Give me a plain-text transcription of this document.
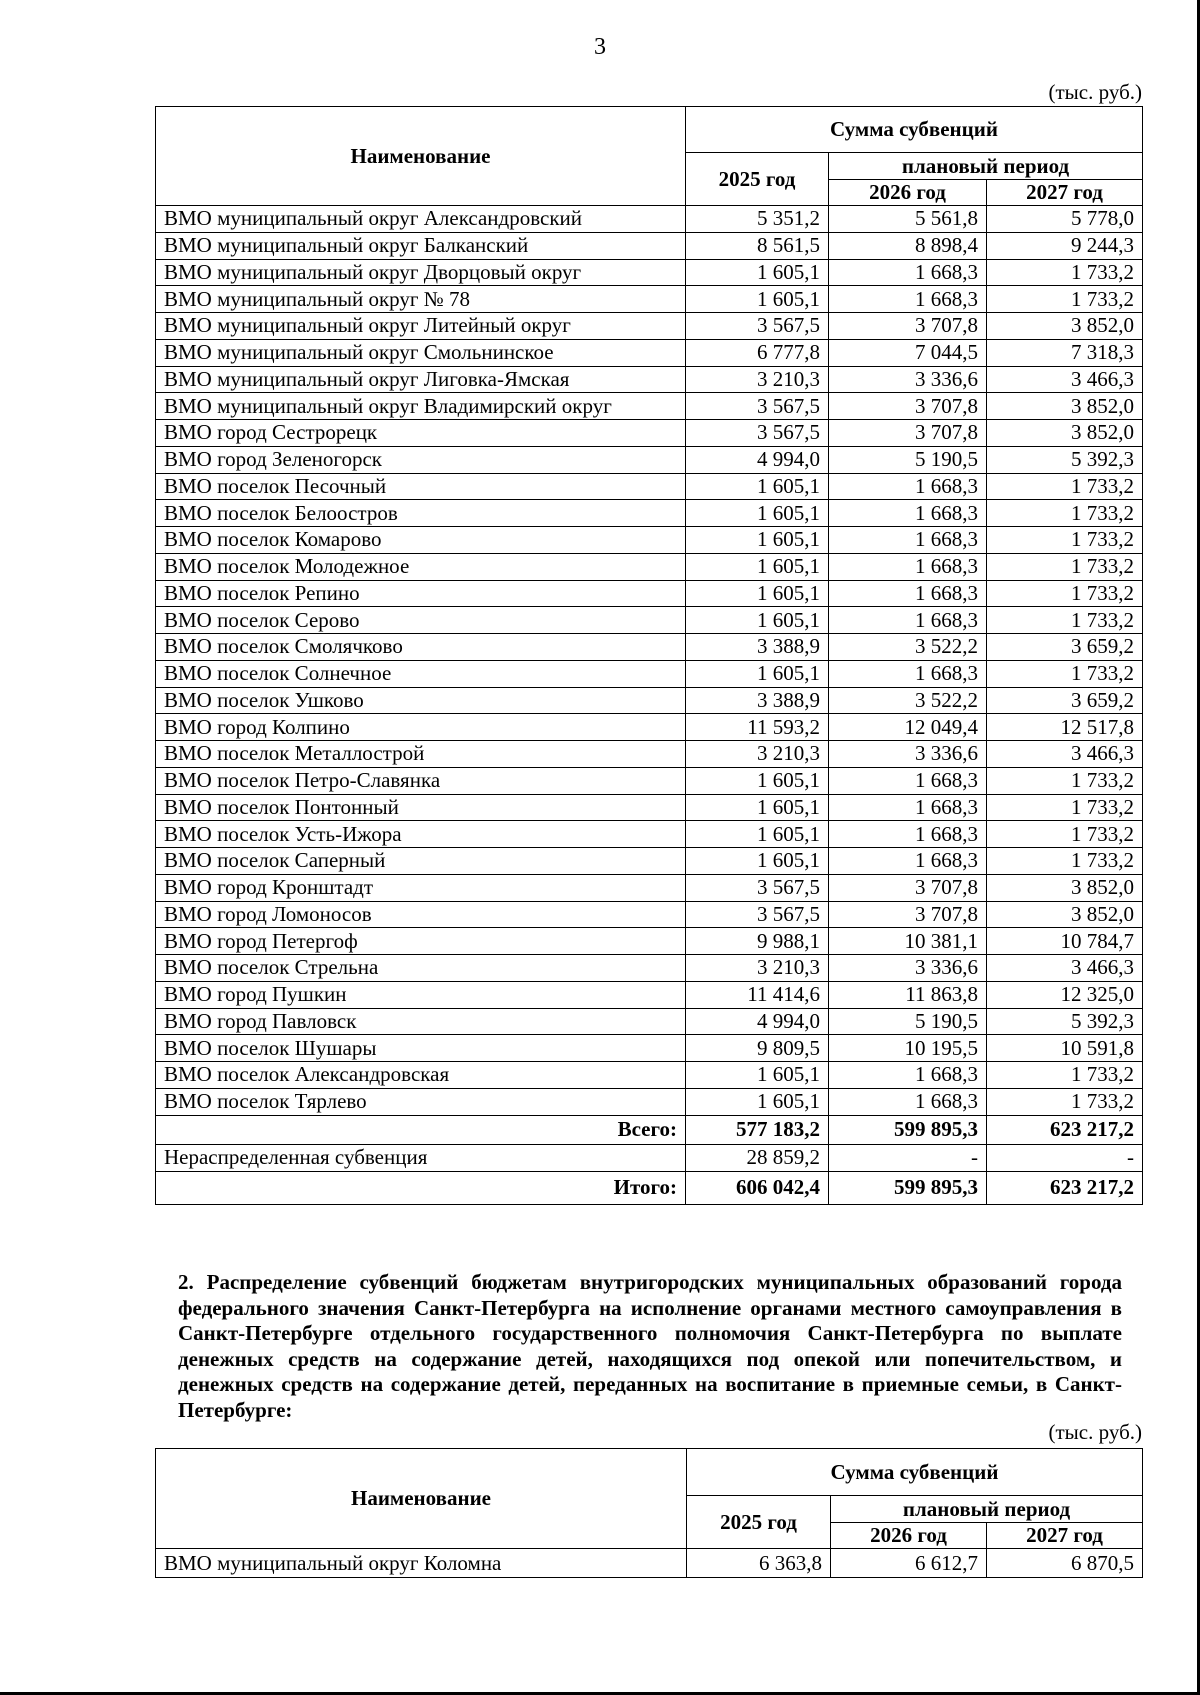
3
(тыс. руб.)
Наименование	Сумма субвенций		
	2025 год	плановый период	
		2026 год	2027 год
ВМО муниципальный округ Александровский	5 351,2	5 561,8	5 778,0
ВМО муниципальный округ Балканский	8 561,5	8 898,4	9 244,3
ВМО муниципальный округ Дворцовый округ	1 605,1	1 668,3	1 733,2
ВМО муниципальный округ № 78	1 605,1	1 668,3	1 733,2
ВМО муниципальный округ Литейный округ	3 567,5	3 707,8	3 852,0
ВМО муниципальный округ Смольнинское	6 777,8	7 044,5	7 318,3
ВМО муниципальный округ Лиговка-Ямская	3 210,3	3 336,6	3 466,3
ВМО муниципальный округ Владимирский округ	3 567,5	3 707,8	3 852,0
ВМО город Сестрорецк	3 567,5	3 707,8	3 852,0
ВМО город Зеленогорск	4 994,0	5 190,5	5 392,3
ВМО поселок Песочный	1 605,1	1 668,3	1 733,2
ВМО поселок Белоостров	1 605,1	1 668,3	1 733,2
ВМО поселок Комарово	1 605,1	1 668,3	1 733,2
ВМО поселок Молодежное	1 605,1	1 668,3	1 733,2
ВМО поселок Репино	1 605,1	1 668,3	1 733,2
ВМО поселок Серово	1 605,1	1 668,3	1 733,2
ВМО поселок Смолячково	3 388,9	3 522,2	3 659,2
ВМО поселок Солнечное	1 605,1	1 668,3	1 733,2
ВМО поселок Ушково	3 388,9	3 522,2	3 659,2
ВМО город Колпино	11 593,2	12 049,4	12 517,8
ВМО поселок Металлострой	3 210,3	3 336,6	3 466,3
ВМО поселок Петро-Славянка	1 605,1	1 668,3	1 733,2
ВМО поселок Понтонный	1 605,1	1 668,3	1 733,2
ВМО поселок Усть-Ижора	1 605,1	1 668,3	1 733,2
ВМО поселок Саперный	1 605,1	1 668,3	1 733,2
ВМО город Кронштадт	3 567,5	3 707,8	3 852,0
ВМО город Ломоносов	3 567,5	3 707,8	3 852,0
ВМО город Петергоф	9 988,1	10 381,1	10 784,7
ВМО поселок Стрельна	3 210,3	3 336,6	3 466,3
ВМО город Пушкин	11 414,6	11 863,8	12 325,0
ВМО город Павловск	4 994,0	5 190,5	5 392,3
ВМО поселок Шушары	9 809,5	10 195,5	10 591,8
ВМО поселок Александровская	1 605,1	1 668,3	1 733,2
ВМО поселок Тярлево	1 605,1	1 668,3	1 733,2
Всего:	577 183,2	599 895,3	623 217,2
Нераспределенная субвенция	28 859,2	-	-
Итого:	606 042,4	599 895,3	623 217,2

2. Распределение субвенций бюджетам внутригородских муниципальных образований города федерального значения Санкт-Петербурга на исполнение органами местного самоуправления в Санкт-Петербурге отдельного государственного полномочия Санкт-Петербурга по выплате денежных средств на содержание детей, находящихся под опекой или попечительством, и денежных средств на содержание детей, переданных на воспитание в приемные семьи, в Санкт-Петербурге:

(тыс. руб.)
Наименование	Сумма субвенций		
	2025 год	плановый период	
		2026 год	2027 год
ВМО муниципальный округ Коломна	6 363,8	6 612,7	6 870,5
